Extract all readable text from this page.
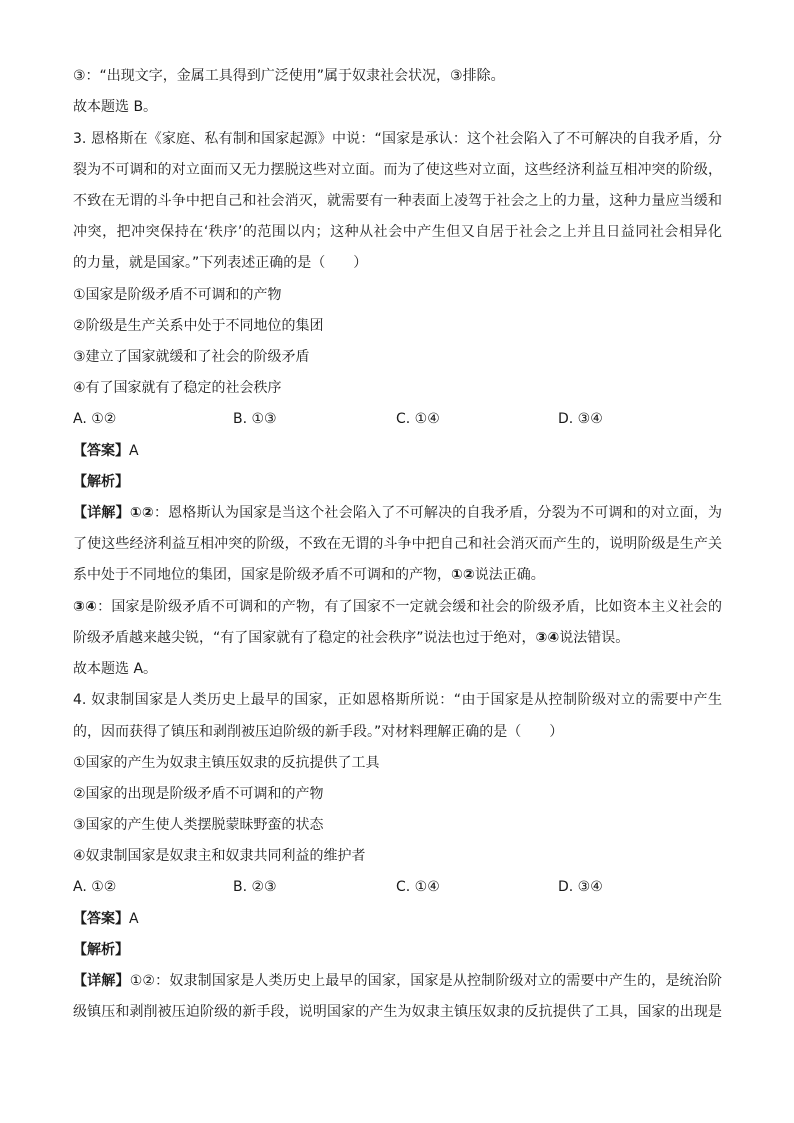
③：“出现文字，金属工具得到广泛使用”属于奴隶社会状况，③排除。
故本题选 B。
3. 恩格斯在《家庭、私有制和国家起源》中说：“国家是承认：这个社会陷入了不可解决的自我矛盾，分
裂为不可调和的对立面而又无力摆脱这些对立面。而为了使这些对立面，这些经济利益互相冲突的阶级，
不致在无谓的斗争中把自己和社会消灭，就需要有一种表面上凌驾于社会之上的力量，这种力量应当缓和
冲突，把冲突保持在‘秩序’的范围以内；这种从社会中产生但又自居于社会之上并且日益同社会相异化
的力量，就是国家。”下列表述正确的是（　　）
①国家是阶级矛盾不可调和的产物
②阶级是生产关系中处于不同地位的集团
③建立了国家就缓和了社会的阶级矛盾
④有了国家就有了稳定的社会秩序
A. ①②	B. ①③	C. ①④	D. ③④
【答案】A
【解析】
【详解】①②：恩格斯认为国家是当这个社会陷入了不可解决的自我矛盾，分裂为不可调和的对立面，为
了使这些经济利益互相冲突的阶级，不致在无谓的斗争中把自己和社会消灭而产生的，说明阶级是生产关
系中处于不同地位的集团，国家是阶级矛盾不可调和的产物，①②说法正确。
③④：国家是阶级矛盾不可调和的产物，有了国家不一定就会缓和社会的阶级矛盾，比如资本主义社会的
阶级矛盾越来越尖锐，“有了国家就有了稳定的社会秩序”说法也过于绝对，③④说法错误。
故本题选 A。
4. 奴隶制国家是人类历史上最早的国家，正如恩格斯所说：“由于国家是从控制阶级对立的需要中产生
的，因而获得了镇压和剥削被压迫阶级的新手段。”对材料理解正确的是（　　）
①国家的产生为奴隶主镇压奴隶的反抗提供了工具
②国家的出现是阶级矛盾不可调和的产物
③国家的产生使人类摆脱蒙昧野蛮的状态
④奴隶制国家是奴隶主和奴隶共同利益的维护者
A. ①②	B. ②③	C. ①④	D. ③④
【答案】A
【解析】
【详解】①②：奴隶制国家是人类历史上最早的国家，国家是从控制阶级对立的需要中产生的，是统治阶
级镇压和剥削被压迫阶级的新手段，说明国家的产生为奴隶主镇压奴隶的反抗提供了工具，国家的出现是
